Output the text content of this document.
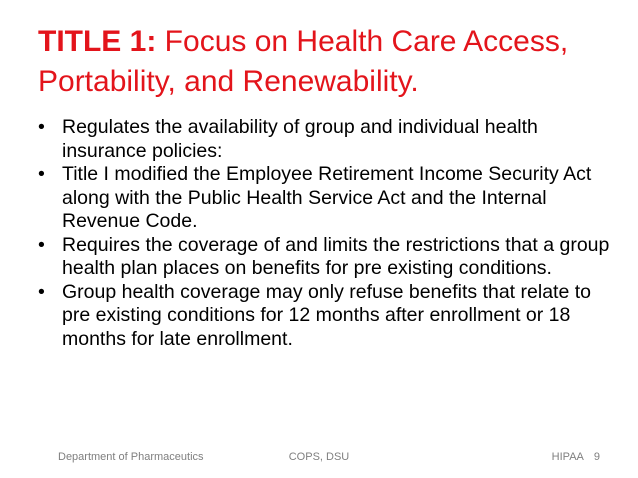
TITLE 1: Focus on Health Care Access, Portability, and Renewability.
• Regulates the availability of group and individual health insurance policies:
• Title I modified the Employee Retirement Income Security Act along with the Public Health Service Act and the Internal Revenue Code.
• Requires the coverage of and limits the restrictions that a group health plan places on benefits for pre existing conditions.
• Group health coverage may only refuse benefits that relate to pre existing conditions for 12 months after enrollment or 18 months for late enrollment.
Department of Pharmaceutics	COPS, DSU	HIPAA 9
